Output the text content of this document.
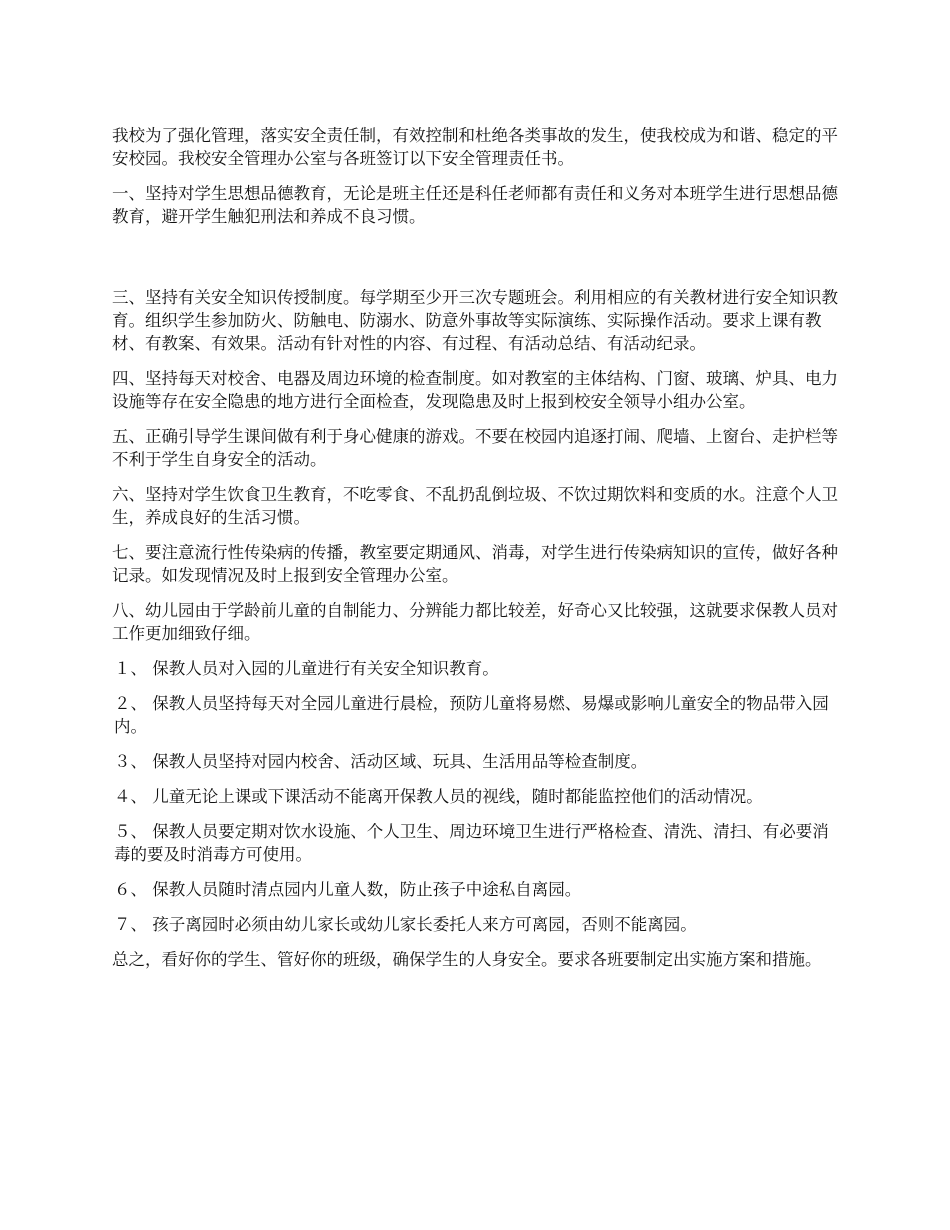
我校为了强化管理，落实安全责任制，有效控制和杜绝各类事故的发生，使我校成为和谐、稳定的平安校园。我校安全管理办公室与各班签订以下安全管理责任书。

一、坚持对学生思想品德教育，无论是班主任还是科任老师都有责任和义务对本班学生进行思想品德教育，避开学生触犯刑法和养成不良习惯。

三、坚持有关安全知识传授制度。每学期至少开三次专题班会。利用相应的有关教材进行安全知识教育。组织学生参加防火、防触电、防溺水、防意外事故等实际演练、实际操作活动。要求上课有教材、有教案、有效果。活动有针对性的内容、有过程、有活动总结、有活动纪录。

四、坚持每天对校舍、电器及周边环境的检查制度。如对教室的主体结构、门窗、玻璃、炉具、电力设施等存在安全隐患的地方进行全面检查，发现隐患及时上报到校安全领导小组办公室。

五、正确引导学生课间做有利于身心健康的游戏。不要在校园内追逐打闹、爬墙、上窗台、走护栏等不利于学生自身安全的活动。

六、坚持对学生饮食卫生教育，不吃零食、不乱扔乱倒垃圾、不饮过期饮料和变质的水。注意个人卫生，养成良好的生活习惯。

七、要注意流行性传染病的传播，教室要定期通风、消毒，对学生进行传染病知识的宣传，做好各种记录。如发现情况及时上报到安全管理办公室。

八、幼儿园由于学龄前儿童的自制能力、分辨能力都比较差，好奇心又比较强，这就要求保教人员对工作更加细致仔细。

１、 保教人员对入园的儿童进行有关安全知识教育。

２、 保教人员坚持每天对全园儿童进行晨检，预防儿童将易燃、易爆或影响儿童安全的物品带入园内。

３、 保教人员坚持对园内校舍、活动区域、玩具、生活用品等检查制度。

４、 儿童无论上课或下课活动不能离开保教人员的视线，随时都能监控他们的活动情况。

５、 保教人员要定期对饮水设施、个人卫生、周边环境卫生进行严格检查、清洗、清扫、有必要消毒的要及时消毒方可使用。

６、 保教人员随时清点园内儿童人数，防止孩子中途私自离园。

７、 孩子离园时必须由幼儿家长或幼儿家长委托人来方可离园，否则不能离园。

总之，看好你的学生、管好你的班级，确保学生的人身安全。要求各班要制定出实施方案和措施。
